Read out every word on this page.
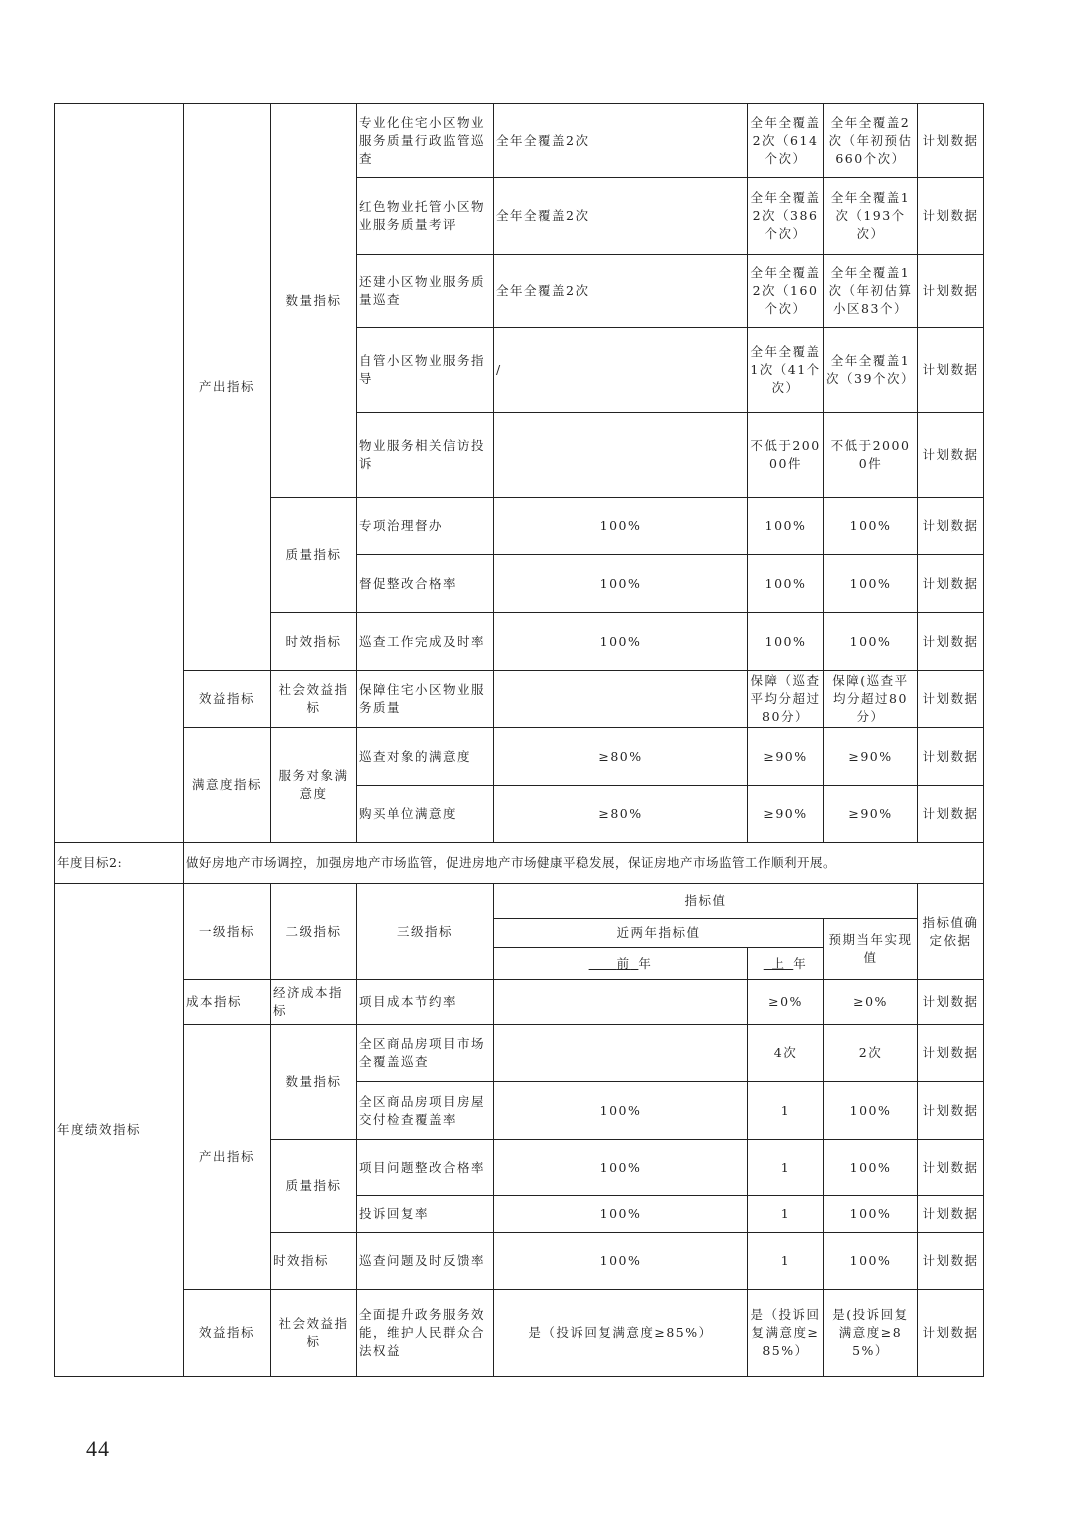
	产出指标	数量指标	专业化住宅小区物业服务质量行政监管巡查	全年全覆盖2次	全年全覆盖2次（614个次）	全年全覆盖2次（年初预估660个次）	计划数据
			红色物业托管小区物业服务质量考评	全年全覆盖2次	全年全覆盖2次（386个次）	全年全覆盖1次（193个次）	计划数据
			还建小区物业服务质量巡查	全年全覆盖2次	全年全覆盖2次（160个次）	全年全覆盖1次（年初估算小区83个）	计划数据
			自管小区物业服务指导	/	全年全覆盖1次（41个次）	全年全覆盖1次（39个次）	计划数据
			物业服务相关信访投诉		不低于20000件	不低于20000件	计划数据
		质量指标	专项治理督办	100%	100%	100%	计划数据
			督促整改合格率	100%	100%	100%	计划数据
		时效指标	巡查工作完成及时率	100%	100%	100%	计划数据
	效益指标	社会效益指标	保障住宅小区物业服务质量		保障（巡查平均分超过80分）	保障(巡查平均分超过80分）	计划数据
	满意度指标	服务对象满意度	巡查对象的满意度	≥80%	≥90%	≥90%	计划数据
			购买单位满意度	≥80%	≥90%	≥90%	计划数据
年度目标2:	做好房地产市场调控，加强房地产市场监管，促进房地产市场健康平稳发展，保证房地产市场监管工作顺利开展。
年度绩效指标	一级指标	二级指标	三级指标	指标值			指标值确定依据
				近两年指标值		预期当年实现值	
				  前  年	 上  年		
	成本指标	经济成本指标	项目成本节约率		≥0%	≥0%	计划数据
	产出指标	数量指标	全区商品房项目市场全覆盖巡查		4次	2次	计划数据
			全区商品房项目房屋交付检查覆盖率	100%	1	100%	计划数据
		质量指标	项目问题整改合格率	100%	1	100%	计划数据
			投诉回复率	100%	1	100%	计划数据
		时效指标	巡查问题及时反馈率	100%	1	100%	计划数据
	效益指标	社会效益指标	全面提升政务服务效能，维护人民群众合法权益	是（投诉回复满意度≥85%）	是（投诉回复满意度≥85%）	是(投诉回复满意度≥85%）	计划数据
44
